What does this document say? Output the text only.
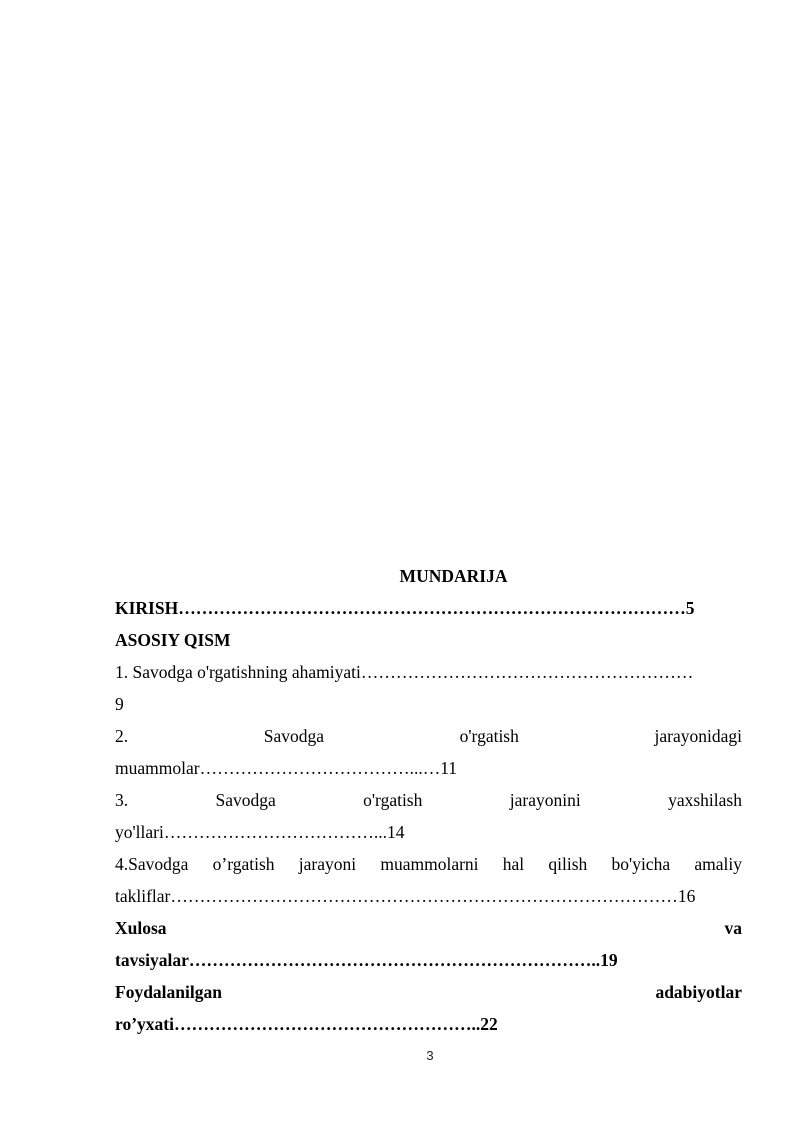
MUNDARIJA
KIRISH……………………………………………………………………………5
ASOSIY QISM
1. Savodga o'rgatishning ahamiyati…………………………………………………
9
2.	Savodga	o'rgatish	jarayonidagi
muammolar………………………………...…11
3.	Savodga	o'rgatish	jarayonini	yaxshilash
yo'llari………………………………...14
4.Savodga o’rgatish jarayoni muammolarni hal qilish bo'yicha amaliy
takliflar……………………………………………………………………………16
Xulosa	va
tavsiyalar……………………………………………………………..19
Foydalanilgan	adabiyotlar
ro’yxati……………………………………………..22
3
